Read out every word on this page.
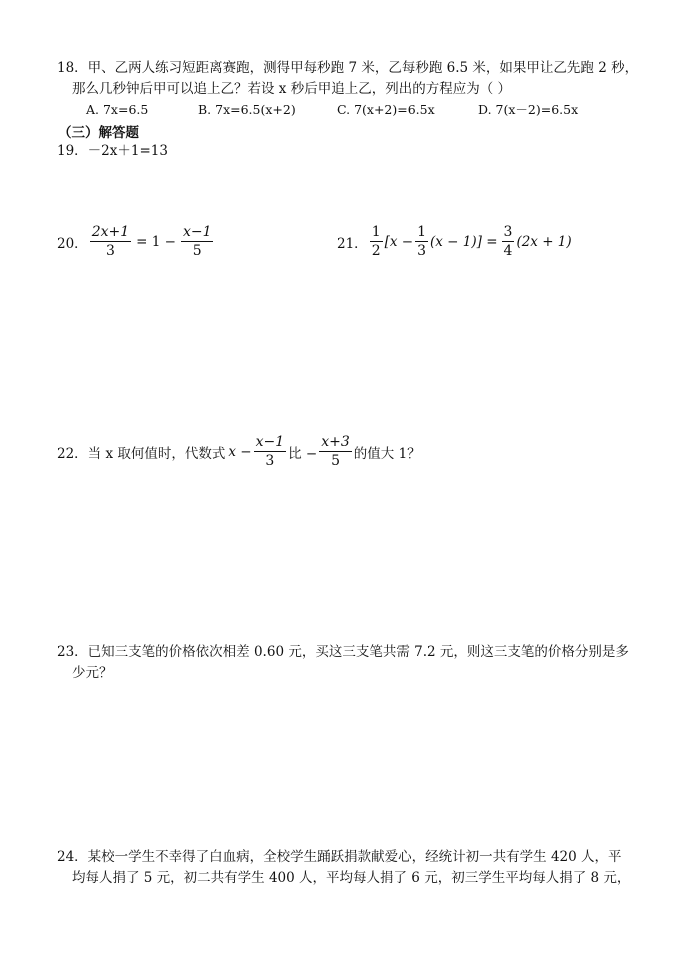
18．甲、乙两人练习短距离赛跑，测得甲每秒跑 7 米，乙每秒跑 6.5 米，如果甲让乙先跑 2 秒，
那么几秒钟后甲可以追上乙？若设 x 秒后甲追上乙，列出的方程应为（ ）
A. 7x=6.5	B. 7x=6.5(x+2)	C. 7(x+2)=6.5x	D. 7(x－2)=6.5x
（三）解答题
19．－2x＋1=13
20． $\frac{2x+1}{3} = 1 - \frac{x-1}{5}$	21． $\frac{1}{2} [x - \frac{1}{3} (x - 1)] = \frac{3}{4} (2x + 1)$
22．当 x 取何值时，代数式 $x - \frac{x-1}{3}$ 比 − $\frac{x+3}{5}$ 的值大 1？
23．已知三支笔的价格依次相差 0.60 元，买这三支笔共需 7.2 元，则这三支笔的价格分别是多
少元？
24．某校一学生不幸得了白血病，全校学生踊跃捐款献爱心，经统计初一共有学生 420 人，平
均每人捐了 5 元，初二共有学生 400 人，平均每人捐了 6 元，初三学生平均每人捐了 8 元，
